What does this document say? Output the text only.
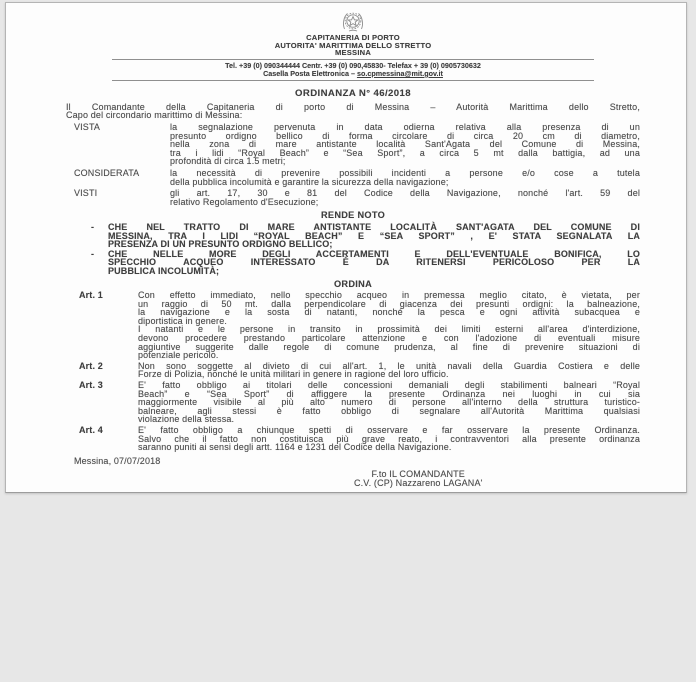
CAPITANERIA DI PORTO
AUTORITA' MARITTIMA DELLO STRETTO
MESSINA
Tel. +39 (0) 090344444 Centr. +39 (0) 090,45830- Telefax + 39 (0) 0905730632
Casella Posta Elettronica – so.cpmessina@mit.gov.it
ORDINANZA N° 46/2018
Il Comandante della Capitaneria di porto di Messina – Autorità Marittima dello Stretto,
Capo del circondario marittimo di Messina:
VISTA	la segnalazione pervenuta in data odierna relativa alla presenza di un
presunto ordigno bellico di forma circolare di circa 20 cm di diametro,
nella zona di mare antistante località Sant'Agata del Comune di Messina,
tra i lidi “Royal Beach” e “Sea Sport”, a circa 5 mt dalla battigia, ad una
profondità di circa 1.5 metri;
CONSIDERATA	la necessità di prevenire possibili incidenti a persone e/o cose a tutela
della pubblica incolumità e garantire la sicurezza della navigazione;
VISTI	gli art. 17, 30 e 81 del Codice della Navigazione, nonché l'art. 59 del
relativo Regolamento d'Esecuzione;
RENDE NOTO
-	CHE NEL TRATTO DI MARE ANTISTANTE LOCALITÀ SANT'AGATA DEL COMUNE DI
MESSINA, TRA I LIDI “ROYAL BEACH” E “SEA SPORT” , E' STATA SEGNALATA LA
PRESENZA DI UN PRESUNTO ORDIGNO BELLICO;
-	CHE NELLE MORE DEGLI ACCERTAMENTI E DELL'EVENTUALE BONIFICA, LO
SPECCHIO ACQUEO INTERESSATO È DA RITENERSI PERICOLOSO PER LA
PUBBLICA INCOLUMITÀ;
ORDINA
Art. 1	Con effetto immediato, nello specchio acqueo in premessa meglio citato, è vietata, per
un raggio di 50 mt. dalla perpendicolare di giacenza dei presunti ordigni: la balneazione,
la navigazione e la sosta di natanti, nonché la pesca e ogni attività subacquea e
diportistica in genere.
I natanti e le persone in transito in prossimità dei limiti esterni all'area d'interdizione,
devono procedere prestando particolare attenzione e con l'adozione di eventuali misure
aggiuntive suggerite dalle regole di comune prudenza, al fine di prevenire situazioni di
potenziale pericolo.
Art. 2	Non sono soggette al divieto di cui all'art. 1, le unità navali della Guardia Costiera e delle
Forze di Polizia, nonché le unità militari in genere in ragione del loro ufficio.
Art. 3	E' fatto obbligo ai titolari delle concessioni demaniali degli stabilimenti balneari “Royal
Beach” e “Sea Sport” di affiggere la presente Ordinanza nei luoghi in cui sia
maggiormente visibile al più alto numero di persone all'interno della struttura turistico-
balneare, agli stessi è fatto obbligo di segnalare all'Autorità Marittima qualsiasi
violazione della stessa.
Art. 4	E' fatto obbligo a chiunque spetti di osservare e far osservare la presente Ordinanza.
Salvo che il fatto non costituisca più grave reato, i contravventori alla presente ordinanza
saranno puniti ai sensi degli artt. 1164 e 1231 del Codice della Navigazione.
Messina, 07/07/2018
F.to IL COMANDANTE
C.V. (CP) Nazzareno LAGANA'
